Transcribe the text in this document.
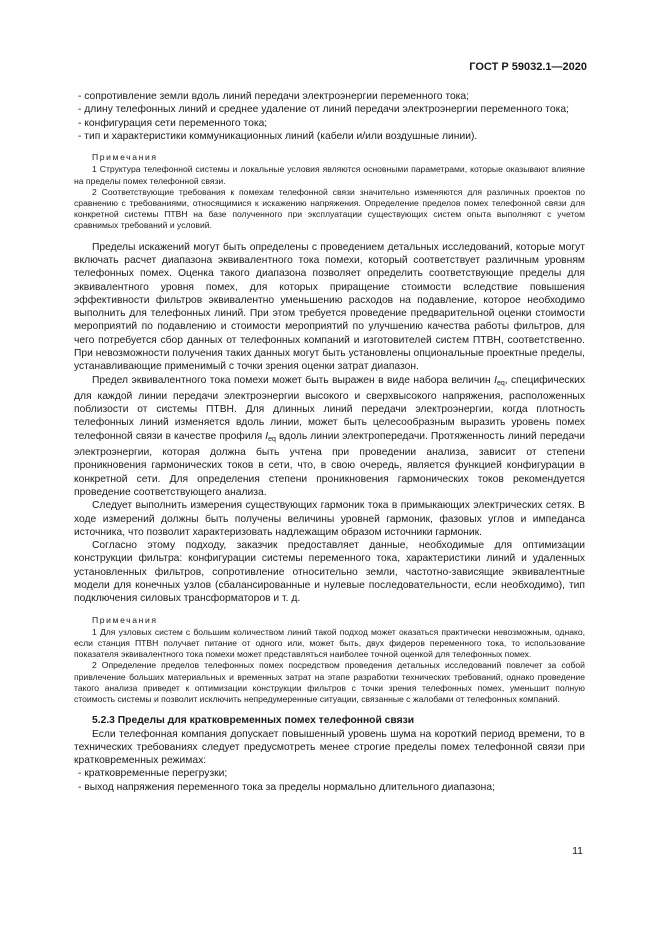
ГОСТ Р 59032.1—2020

- сопротивление земли вдоль линий передачи электроэнергии переменного тока;

- длину телефонных линий и среднее удаление от линий передачи электроэнергии переменного тока;

- конфигурация сети переменного тока;

- тип и характеристики коммуникационных линий (кабели и/или воздушные линии).

Примечания

1 Структура телефонной системы и локальные условия являются основными параметрами, которые оказывают влияние на пределы помех телефонной связи.

2 Соответствующие требования к помехам телефонной связи значительно изменяются для различных проектов по сравнению с требованиями, относящимися к искажению напряжения. Определение пределов помех телефонной связи для конкретной системы ПТВН на базе полученного при эксплуатации существующих систем опыта выполняют с учетом сравнимых требований и условий.

Пределы искажений могут быть определены с проведением детальных исследований, которые могут включать расчет диапазона эквивалентного тока помехи, который соответствует различным уровням телефонных помех. Оценка такого диапазона позволяет определить соответствующие пределы для эквивалентного уровня помех, для которых приращение стоимости вследствие повышения эффективности фильтров эквивалентно уменьшению расходов на подавление, которое необходимо выполнить для телефонных линий. При этом требуется проведение предварительной оценки стоимости мероприятий по подавлению и стоимости мероприятий по улучшению качества работы фильтров, для чего потребуется сбор данных от телефонных компаний и изготовителей систем ПТВН, соответственно. При невозможности получения таких данных могут быть установлены опциональные проектные пределы, устанавливающие применимый с точки зрения оценки затрат диапазон.

Предел эквивалентного тока помехи может быть выражен в виде набора величин $I_{eq}$, специфических для каждой линии передачи электроэнергии высокого и сверхвысокого напряжения, расположенных поблизости от системы ПТВН. Для длинных линий передачи электроэнергии, когда плотность телефонных линий изменяется вдоль линии, может быть целесообразным выразить уровень помех телефонной связи в качестве профиля $I_{eq}$ вдоль линии электропередачи. Протяженность линий передачи электроэнергии, которая должна быть учтена при проведении анализа, зависит от степени проникновения гармонических токов в сети, что, в свою очередь, является функцией конфигурации в конкретной сети. Для определения степени проникновения гармонических токов рекомендуется проведение соответствующего анализа.

Следует выполнить измерения существующих гармоник тока в примыкающих электрических сетях. В ходе измерений должны быть получены величины уровней гармоник, фазовых углов и импеданса источника, что позволит характеризовать надлежащим образом источники гармоник.

Согласно этому подходу, заказчик предоставляет данные, необходимые для оптимизации конструкции фильтра: конфигурации системы переменного тока, характеристики линий и удаленных установленных фильтров, сопротивление относительно земли, частотно-зависящие эквивалентные модели для конечных узлов (сбалансированные и нулевые последовательности, если необходимо), тип подключения силовых трансформаторов и т. д.

Примечания

1 Для узловых систем с большим количеством линий такой подход может оказаться практически невозможным, однако, если станция ПТВН получает питание от одного или, может быть, двух фидеров переменного тока, то использование показателя эквивалентного тока помехи может представляться наиболее точной оценкой для телефонных помех.

2 Определение пределов телефонных помех посредством проведения детальных исследований повлечет за собой привлечение больших материальных и временных затрат на этапе разработки технических требований, однако проведение такого анализа приведет к оптимизации конструкции фильтров с точки зрения телефонных помех, уменьшит полную стоимость системы и позволит исключить непредумеренные ситуации, связанные с жалобами от телефонных компаний.

5.2.3 Пределы для кратковременных помех телефонной связи

Если телефонная компания допускает повышенный уровень шума на короткий период времени, то в технических требованиях следует предусмотреть менее строгие пределы помех телефонной связи при кратковременных режимах:

- кратковременные перегрузки;

- выход напряжения переменного тока за пределы нормально длительного диапазона;

11
